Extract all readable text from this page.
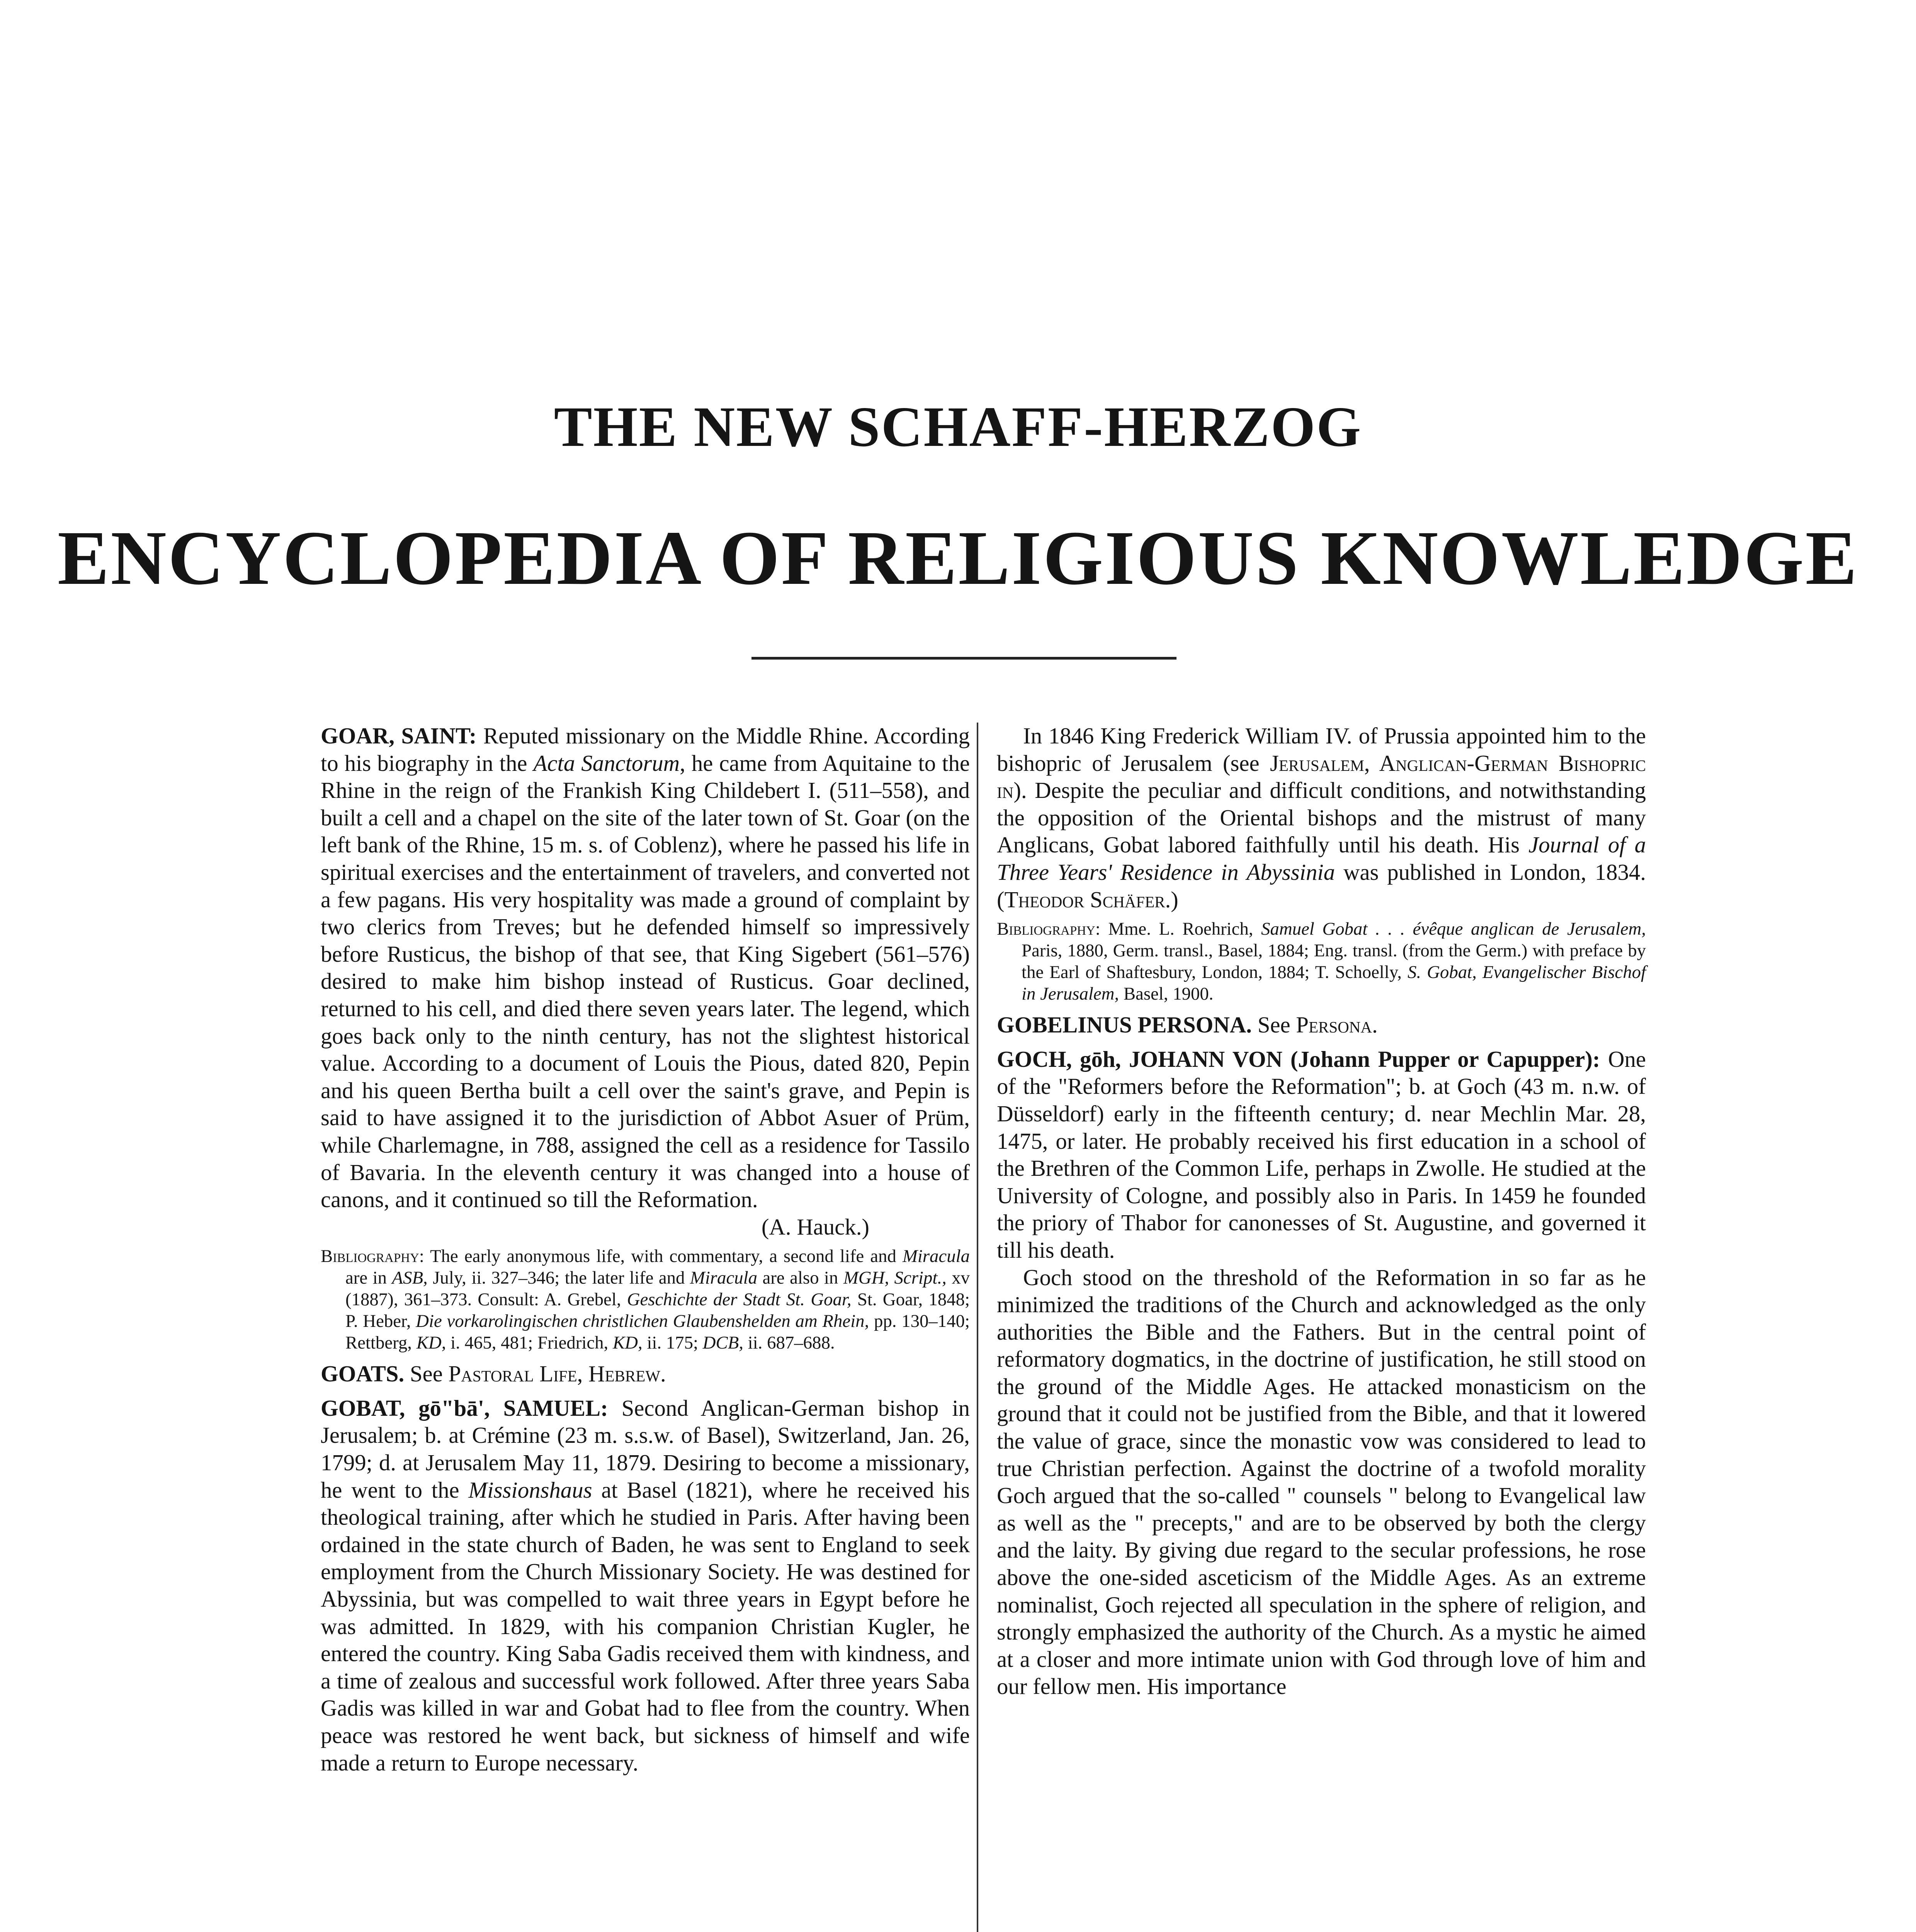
THE NEW SCHAFF-HERZOG
ENCYCLOPEDIA OF RELIGIOUS KNOWLEDGE

GOAR, SAINT: Reputed missionary on the Middle Rhine. According to his biography in the Acta Sanctorum, he came from Aquitaine to the Rhine in the reign of the Frankish King Childebert I. (511–558), and built a cell and a chapel on the site of the later town of St. Goar (on the left bank of the Rhine, 15 m. s. of Coblenz), where he passed his life in spiritual exercises and the entertainment of travelers, and converted not a few pagans. His very hospitality was made a ground of complaint by two clerics from Treves; but he defended himself so impressively before Rusticus, the bishop of that see, that King Sigebert (561–576) desired to make him bishop instead of Rusticus. Goar declined, returned to his cell, and died there seven years later. The legend, which goes back only to the ninth century, has not the slightest historical value. According to a document of Louis the Pious, dated 820, Pepin and his queen Bertha built a cell over the saint's grave, and Pepin is said to have assigned it to the jurisdiction of Abbot Asuer of Prüm, while Charlemagne, in 788, assigned the cell as a residence for Tassilo of Bavaria. In the eleventh century it was changed into a house of canons, and it continued so till the Reformation.

(A. Hauck.)

Bibliography: The early anonymous life, with commentary, a second life and Miracula are in ASB, July, ii. 327–346; the later life and Miracula are also in MGH, Script., xv (1887), 361–373. Consult: A. Grebel, Geschichte der Stadt St. Goar, St. Goar, 1848; P. Heber, Die vorkarolingischen christlichen Glaubenshelden am Rhein, pp. 130–140; Rettberg, KD, i. 465, 481; Friedrich, KD, ii. 175; DCB, ii. 687–688.

GOATS. See Pastoral Life, Hebrew.

GOBAT, gō"bā', SAMUEL: Second Anglican-German bishop in Jerusalem; b. at Crémine (23 m. s.s.w. of Basel), Switzerland, Jan. 26, 1799; d. at Jerusalem May 11, 1879. Desiring to become a missionary, he went to the Missionshaus at Basel (1821), where he received his theological training, after which he studied in Paris. After having been ordained in the state church of Baden, he was sent to England to seek employment from the Church Missionary Society. He was destined for Abyssinia, but was compelled to wait three years in Egypt before he was admitted. In 1829, with his companion Christian Kugler, he entered the country. King Saba Gadis received them with kindness, and a time of zealous and successful work followed. After three years Saba Gadis was killed in war and Gobat had to flee from the country. When peace was restored he went back, but sickness of himself and wife made a return to Europe necessary.

In 1846 King Frederick William IV. of Prussia appointed him to the bishopric of Jerusalem (see Jerusalem, Anglican-German Bishopric in). Despite the peculiar and difficult conditions, and notwithstanding the opposition of the Oriental bishops and the mistrust of many Anglicans, Gobat labored faithfully until his death. His Journal of a Three Years' Residence in Abyssinia was published in London, 1834. (Theodor Schäfer.)

Bibliography: Mme. L. Roehrich, Samuel Gobat . . . évêque anglican de Jerusalem, Paris, 1880, Germ. transl., Basel, 1884; Eng. transl. (from the Germ.) with preface by the Earl of Shaftesbury, London, 1884; T. Schoelly, S. Gobat, Evangelischer Bischof in Jerusalem, Basel, 1900.

GOBELINUS PERSONA. See Persona.

GOCH, gōh, JOHANN VON (Johann Pupper or Capupper): One of the "Reformers before the Reformation"; b. at Goch (43 m. n.w. of Düsseldorf) early in the fifteenth century; d. near Mechlin Mar. 28, 1475, or later. He probably received his first education in a school of the Brethren of the Common Life, perhaps in Zwolle. He studied at the University of Cologne, and possibly also in Paris. In 1459 he founded the priory of Thabor for canonesses of St. Augustine, and governed it till his death.

Goch stood on the threshold of the Reformation in so far as he minimized the traditions of the Church and acknowledged as the only authorities the Bible and the Fathers. But in the central point of reformatory dogmatics, in the doctrine of justification, he still stood on the ground of the Middle Ages. He attacked monasticism on the ground that it could not be justified from the Bible, and that it lowered the value of grace, since the monastic vow was considered to lead to true Christian perfection. Against the doctrine of a twofold morality Goch argued that the so-called " counsels " belong to Evangelical law as well as the " precepts," and are to be observed by both the clergy and the laity. By giving due regard to the secular professions, he rose above the one-sided asceticism of the Middle Ages. As an extreme nominalist, Goch rejected all speculation in the sphere of religion, and strongly emphasized the authority of the Church. As a mystic he aimed at a closer and more intimate union with God through love of him and our fellow men. His importance
